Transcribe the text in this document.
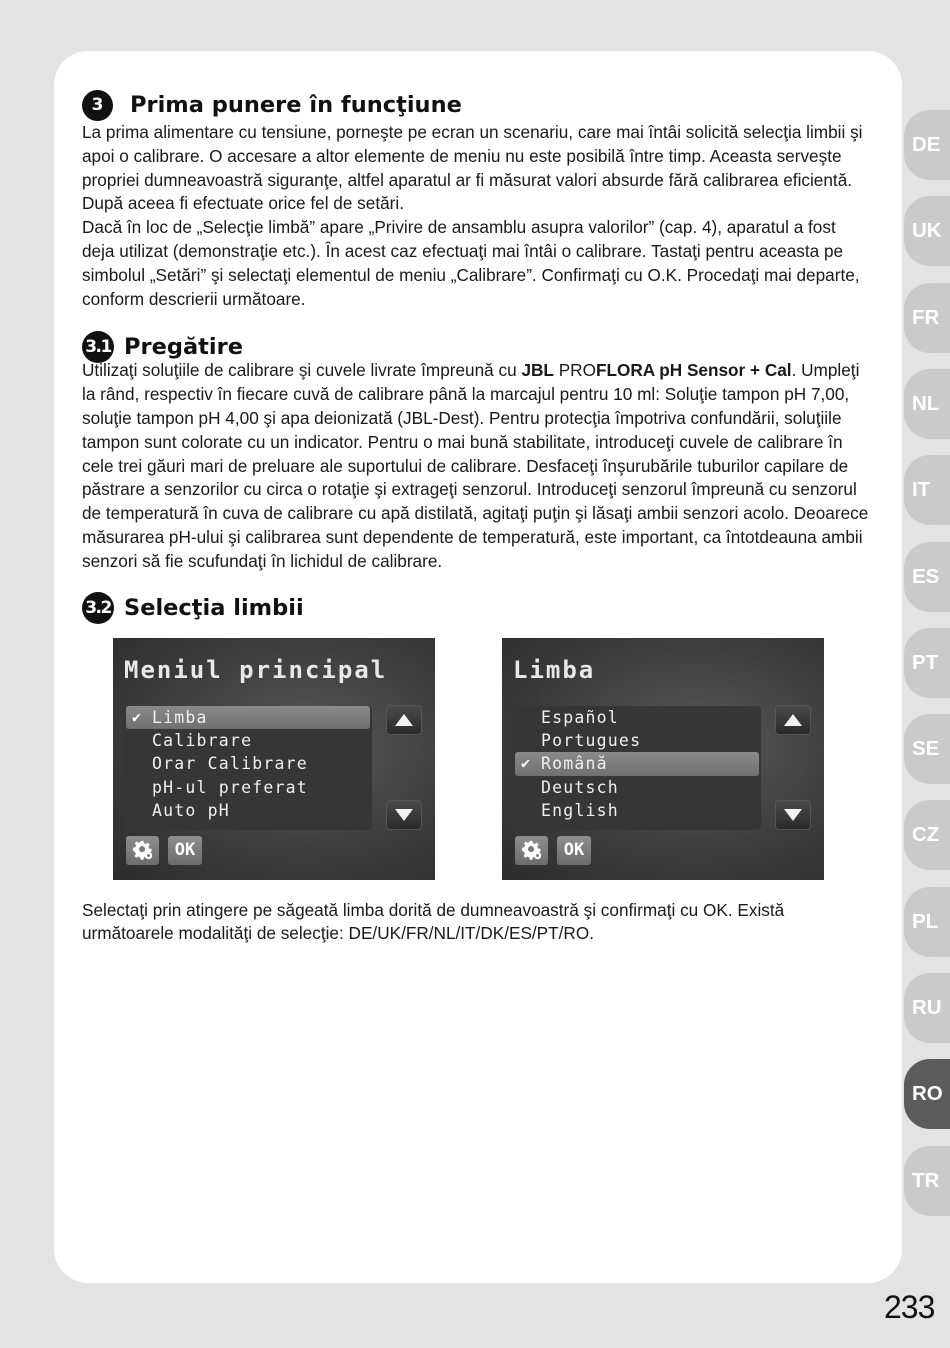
3	Prima punere în funcţiune

La prima alimentare cu tensiune, porneşte pe ecran un scenariu, care mai întâi solicită selecţia limbii şi apoi o calibrare. O accesare a altor elemente de meniu nu este posibilă între timp. Aceasta serveşte propriei dumneavoastră siguranţe, altfel aparatul ar fi măsurat valori absurde fără calibrarea eficientă. După aceea fi efectuate orice fel de setări.
Dacă în loc de „Selecţie limbă” apare „Privire de ansamblu asupra valorilor” (cap. 4), aparatul a fost deja utilizat (demonstraţie etc.). În acest caz efectuaţi mai întâi o calibrare. Tastaţi pentru aceasta pe simbolul „Setări” şi selectaţi elementul de meniu „Calibrare”. Confirmaţi cu O.K. Procedaţi mai departe, conform descrierii următoare.

3.1 Pregătire

Utilizaţi soluţiile de calibrare şi cuvele livrate împreună cu JBL PROFLORA pH Sensor + Cal. Umpleţi la rând, respectiv în fiecare cuvă de calibrare până la marcajul pentru 10 ml: Soluţie tampon pH 7,00, soluţie tampon pH 4,00 şi apa deionizată (JBL-Dest). Pentru protecţia împotriva confundării, soluţiile tampon sunt colorate cu un indicator. Pentru o mai bună stabilitate, introduceţi cuvele de calibrare în cele trei găuri mari de preluare ale suportului de calibrare. Desfaceţi înşurubările tuburilor capilare de păstrare a senzorilor cu circa o rotaţie şi extrageţi senzorul. Introduceţi senzorul împreună cu senzorul de temperatură în cuva de calibrare cu apă distilată, agitaţi puţin şi lăsaţi ambii senzori acolo. Deoarece măsurarea pH-ului şi calibrarea sunt dependente de temperatură, este important, ca întotdeauna ambii senzori să fie scufundaţi în lichidul de calibrare.

3.2 Selecţia limbii
Meniul principal
✔ Limba
Calibrare
Orar Calibrare
pH-ul preferat
Auto pH
OK
Limba
Español
Portugues
✔ Română
Deutsch
English
OK

Selectaţi prin atingere pe săgeată limba dorită de dumneavoastră şi confirmaţi cu OK. Există următoarele modalităţi de selecţie: DE/UK/FR/NL/IT/DK/ES/PT/RO.

DE
UK
FR
NL
IT
ES
PT
SE
CZ
PL
RU
RO
TR
233
